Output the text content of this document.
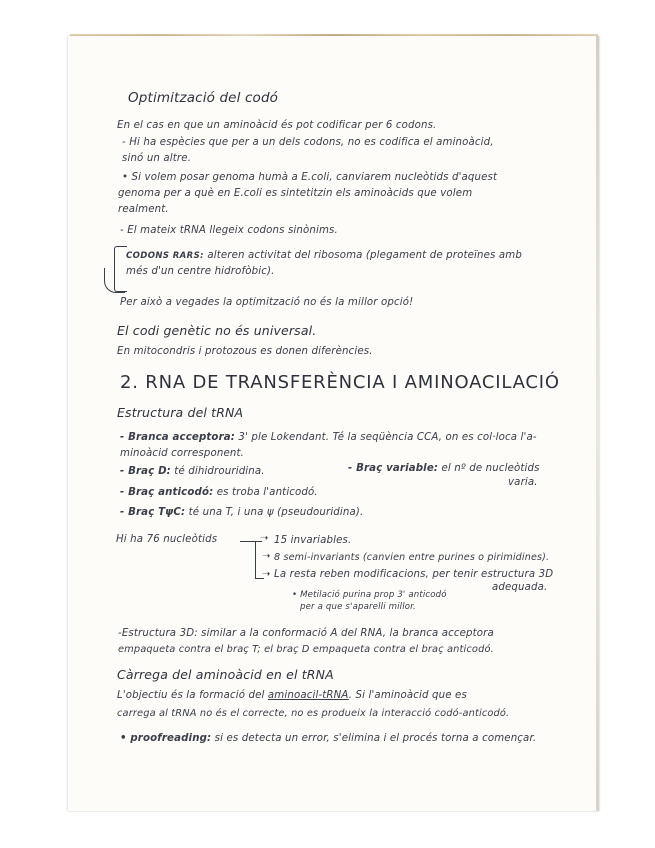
Optimització del codó
En el cas en que un aminoàcid és pot codificar per 6 codons.
- Hi ha espècies que per a un dels codons, no es codifica el aminoàcid,
sinó un altre.
• Si volem posar genoma humà a E.coli, canviarem nucleòtids d'aquest
genoma per a què en E.coli es sintetitzin els aminoàcids que volem
realment.
- El mateix tRNA llegeix codons sinònims.
CODONS RARS: alteren activitat del ribosoma (plegament de proteïnes amb
més d'un centre hidrofòbic).
Per això a vegades la optimització no és la millor opció!
El codi genètic no és universal.
En mitocondris i protozous es donen diferències.
2. RNA DE TRANSFERÈNCIA I AMINOACILACIÓ
Estructura del tRNA
- Branca acceptora: 3' ple Lokendant. Té la seqüència CCA, on es col·loca l'a-
minoàcid corresponent.
- Braç D: té dihidrouridina.	- Braç variable: el nº de nucleòtids
varia.
- Braç anticodó: es troba l'anticodó.
- Braç TψC: té una T, i una ψ (pseudouridina).
Hi ha 76 nucleòtids	➝
➝
➝
15 invariables.
8 semi-invariants (canvien entre purines o pirimidines).
La resta reben modificacions, per tenir estructura 3D
adequada.
• Metilació purina prop 3' anticodó
per a que s'aparelli millor.
-Estructura 3D: similar a la conformació A del RNA, la branca acceptora
empaqueta contra el braç T; el braç D empaqueta contra el braç anticodó.
Càrrega del aminoàcid en el tRNA
L'objectiu és la formació del aminoacil-tRNA. Si l'aminoàcid que es
carrega al tRNA no és el correcte, no es produeix la interacció codó-anticodó.
• proofreading: si es detecta un error, s'elimina i el procés torna a començar.
